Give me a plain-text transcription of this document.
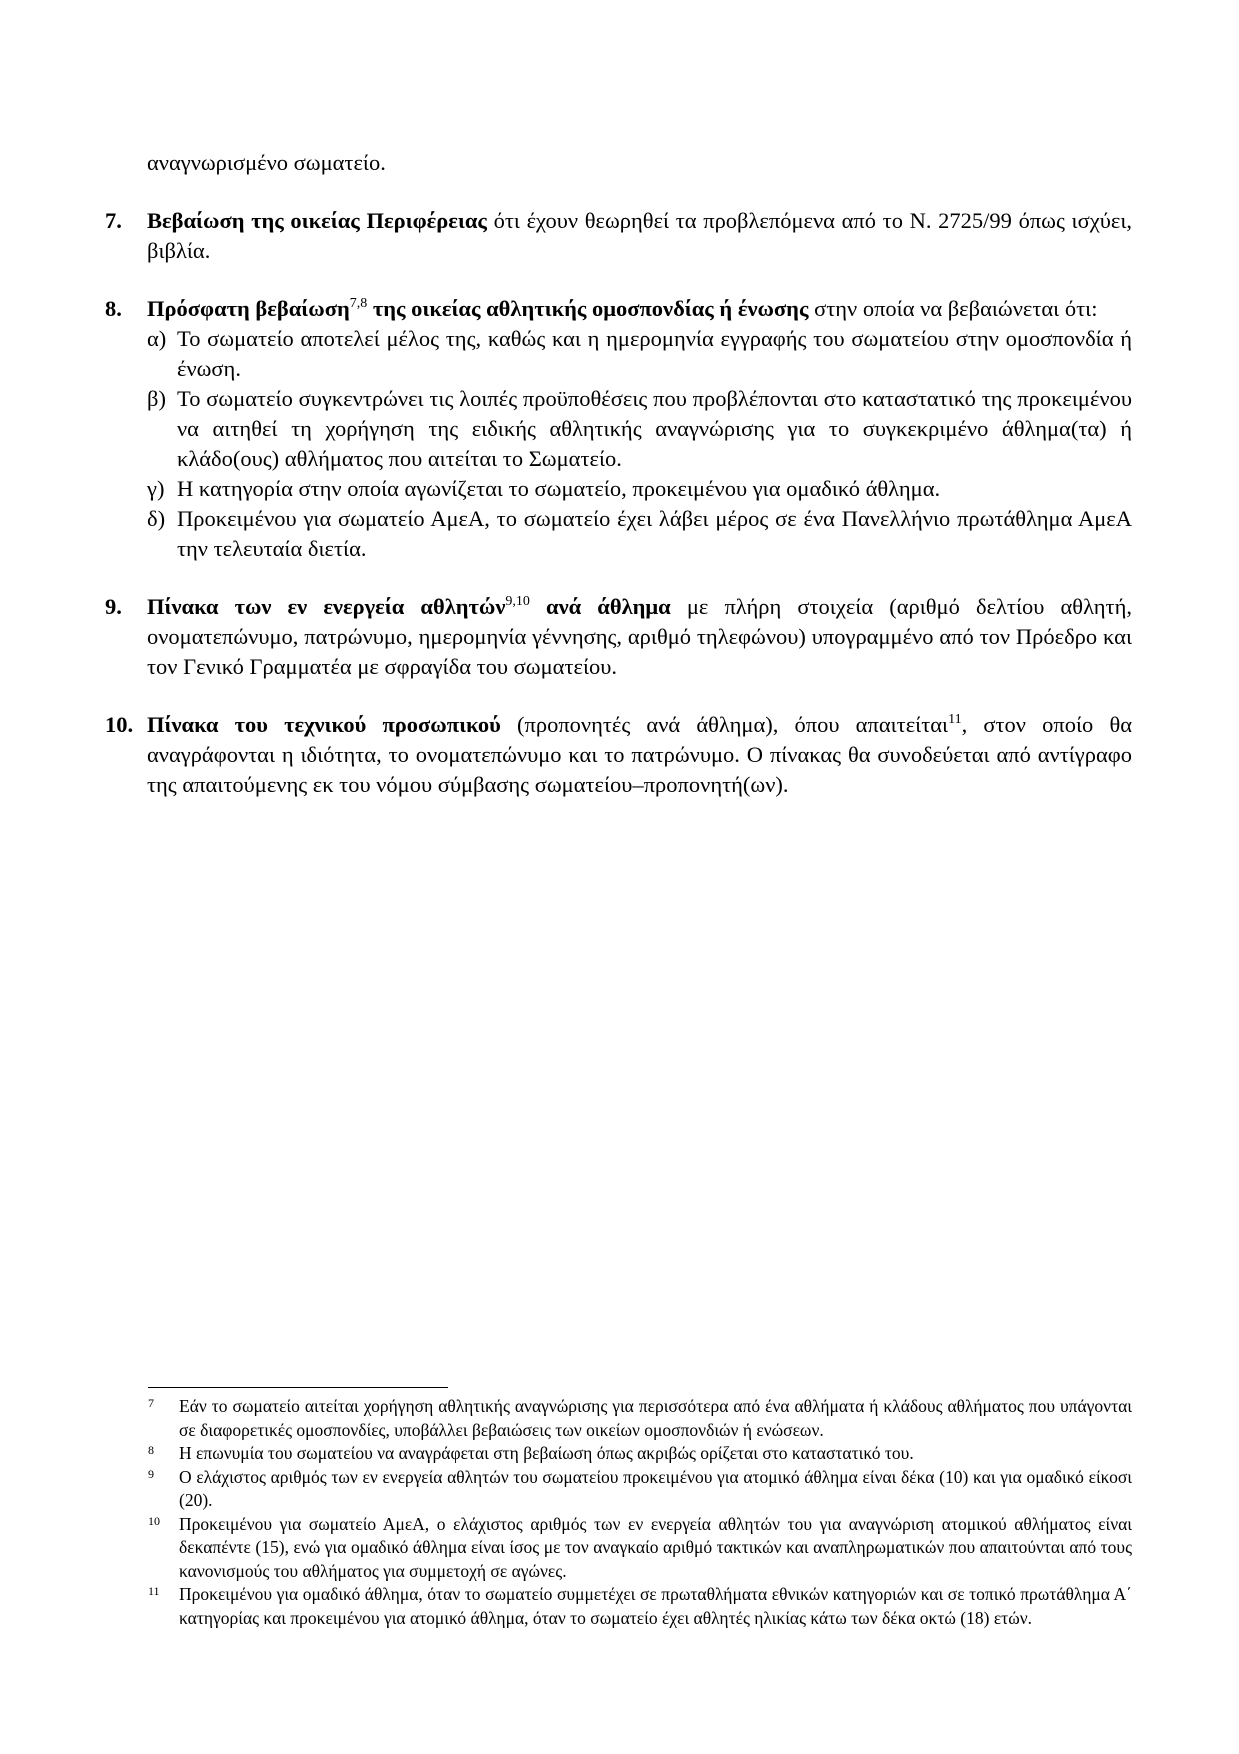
αναγνωρισμένο σωματείο.
7.	Βεβαίωση της οικείας Περιφέρειας ότι έχουν θεωρηθεί τα προβλεπόμενα από το Ν. 2725/99 όπως ισχύει, βιβλία.
8.	Πρόσφατη βεβαίωση$^{7,8}$ της οικείας αθλητικής ομοσπονδίας ή ένωσης στην οποία να βεβαιώνεται ότι:
α) Το σωματείο αποτελεί μέλος της, καθώς και η ημερομηνία εγγραφής του σωματείου στην ομοσπονδία ή ένωση.
β) Το σωματείο συγκεντρώνει τις λοιπές προϋποθέσεις που προβλέπονται στο καταστατικό της προκειμένου να αιτηθεί τη χορήγηση της ειδικής αθλητικής αναγνώρισης για το συγκεκριμένο άθλημα(τα) ή κλάδο(ους) αθλήματος που αιτείται το Σωματείο.
γ) Η κατηγορία στην οποία αγωνίζεται το σωματείο, προκειμένου για ομαδικό άθλημα.
δ) Προκειμένου για σωματείο ΑμεΑ, το σωματείο έχει λάβει μέρος σε ένα Πανελλήνιο πρωτάθλημα ΑμεΑ την τελευταία διετία.
9.	Πίνακα των εν ενεργεία αθλητών$^{9,10}$ ανά άθλημα με πλήρη στοιχεία (αριθμό δελτίου αθλητή, ονοματεπώνυμο, πατρώνυμο, ημερομηνία γέννησης, αριθμό τηλεφώνου) υπογραμμένο από τον Πρόεδρο και τον Γενικό Γραμματέα με σφραγίδα του σωματείου.
10. Πίνακα του τεχνικού προσωπικού (προπονητές ανά άθλημα), όπου απαιτείται$^{11}$, στον οποίο θα αναγράφονται η ιδιότητα, το ονοματεπώνυμο και το πατρώνυμο. Ο πίνακας θα συνοδεύεται από αντίγραφο της απαιτούμενης εκ του νόμου σύμβασης σωματείου–προπονητή(ων).
7	Εάν το σωματείο αιτείται χορήγηση αθλητικής αναγνώρισης για περισσότερα από ένα αθλήματα ή κλάδους αθλήματος που υπάγονται σε διαφορετικές ομοσπονδίες, υποβάλλει βεβαιώσεις των οικείων ομοσπονδιών ή ενώσεων.
8	Η επωνυμία του σωματείου να αναγράφεται στη βεβαίωση όπως ακριβώς ορίζεται στο καταστατικό του.
9	Ο ελάχιστος αριθμός των εν ενεργεία αθλητών του σωματείου προκειμένου για ατομικό άθλημα είναι δέκα (10) και για ομαδικό είκοσι (20).
10	Προκειμένου για σωματείο ΑμεΑ, ο ελάχιστος αριθμός των εν ενεργεία αθλητών του για αναγνώριση ατομικού αθλήματος είναι δεκαπέντε (15), ενώ για ομαδικό άθλημα είναι ίσος με τον αναγκαίο αριθμό τακτικών και αναπληρωματικών που απαιτούνται από τους κανονισμούς του αθλήματος για συμμετοχή σε αγώνες.
11	Προκειμένου για ομαδικό άθλημα, όταν το σωματείο συμμετέχει σε πρωταθλήματα εθνικών κατηγοριών και σε τοπικό πρωτάθλημα Α΄ κατηγορίας και προκειμένου για ατομικό άθλημα, όταν το σωματείο έχει αθλητές ηλικίας κάτω των δέκα οκτώ (18) ετών.
